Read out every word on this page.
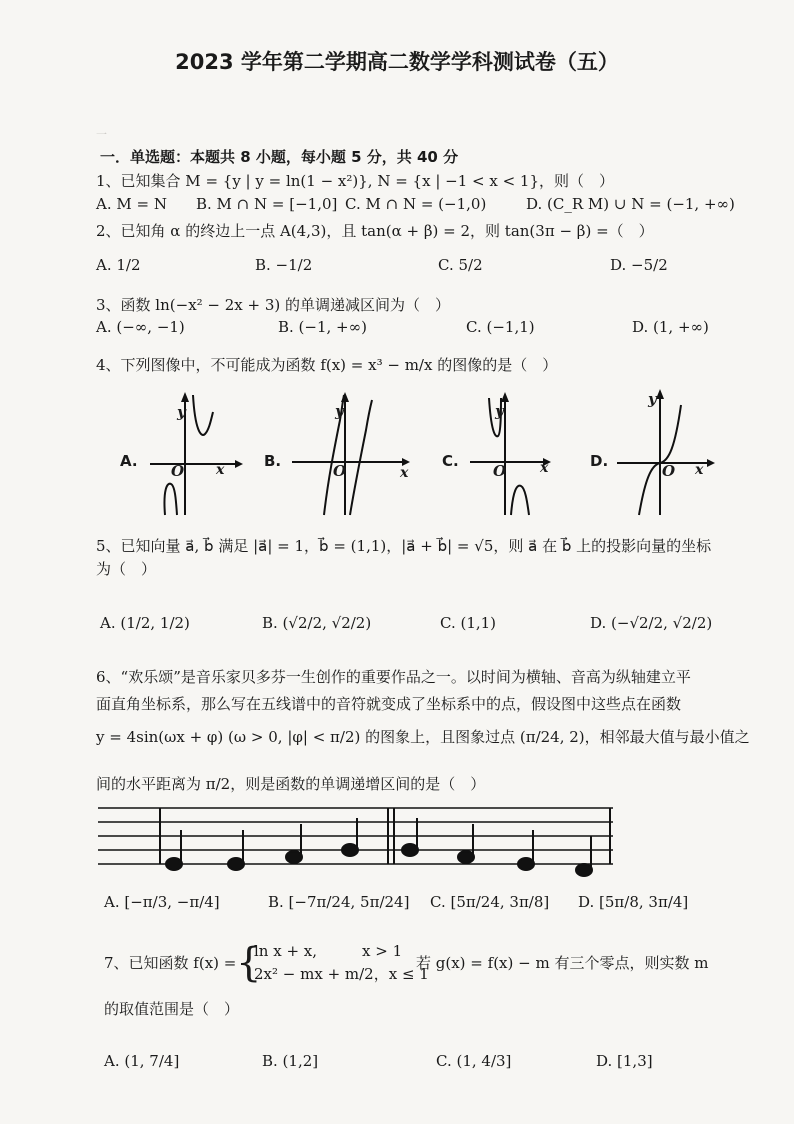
2023 学年第二学期高二数学学科测试卷（五）
一
一．单选题：本题共 8 小题，每小题 5 分，共 40 分
1、已知集合 M = {y | y = ln(1 − x²)}, N = {x | −1 < x < 1}，则（　）
A. M = N B. M ∩ N = [−1,0] C. M ∩ N = (−1,0)	D. (C_R M) ∪ N = (−1, +∞)
2、已知角 α 的终边上一点 A(4,3)，且 tan(α + β) = 2，则 tan(3π − β) =（　）
A. 1/2	B. −1/2	C. 5/2	D. −5/2
3、函数 ln(−x² − 2x + 3) 的单调递减区间为（　）
A. (−∞, −1)	B. (−1, +∞)	C. (−1,1)	D. (1, +∞)
4、下列图像中，不可能成为函数 f(x) = x³ − m/x 的图像的是（　）
A.
y
x
O
B.
y
x
O
C.
y
x
O
D.
y
x
O
5、已知向量 a⃗, b⃗ 满足 |a⃗| = 1，b⃗ = (1,1)，|a⃗ + b⃗| = √5，则 a⃗ 在 b⃗ 上的投影向量的坐标
为（　）
A. (1/2, 1/2)	B. (√2/2, √2/2)	C. (1,1)	D. (−√2/2, √2/2)
6、“欢乐颂”是音乐家贝多芬一生创作的重要作品之一。以时间为横轴、音高为纵轴建立平
面直角坐标系，那么写在五线谱中的音符就变成了坐标系中的点，假设图中这些点在函数
y = 4sin(ωx + φ) (ω > 0, |φ| < π/2) 的图象上，且图象过点 (π/24, 2)，相邻最大值与最小值之
间的水平距离为 π/2，则是函数的单调递增区间的是（　）
A. [−π/3, −π/4]	B. [−7π/24, 5π/24] C. [5π/24, 3π/8] D. [5π/8, 3π/4]
7、已知函数 f(x) = {
ln x + x,　　　x > 1
2x² − mx + m/2，x ≤ 1
若 g(x) = f(x) − m 有三个零点，则实数 m
的取值范围是（　）
A. (1, 7/4]	B. (1,2]	C. (1, 4/3]	D. [1,3]
